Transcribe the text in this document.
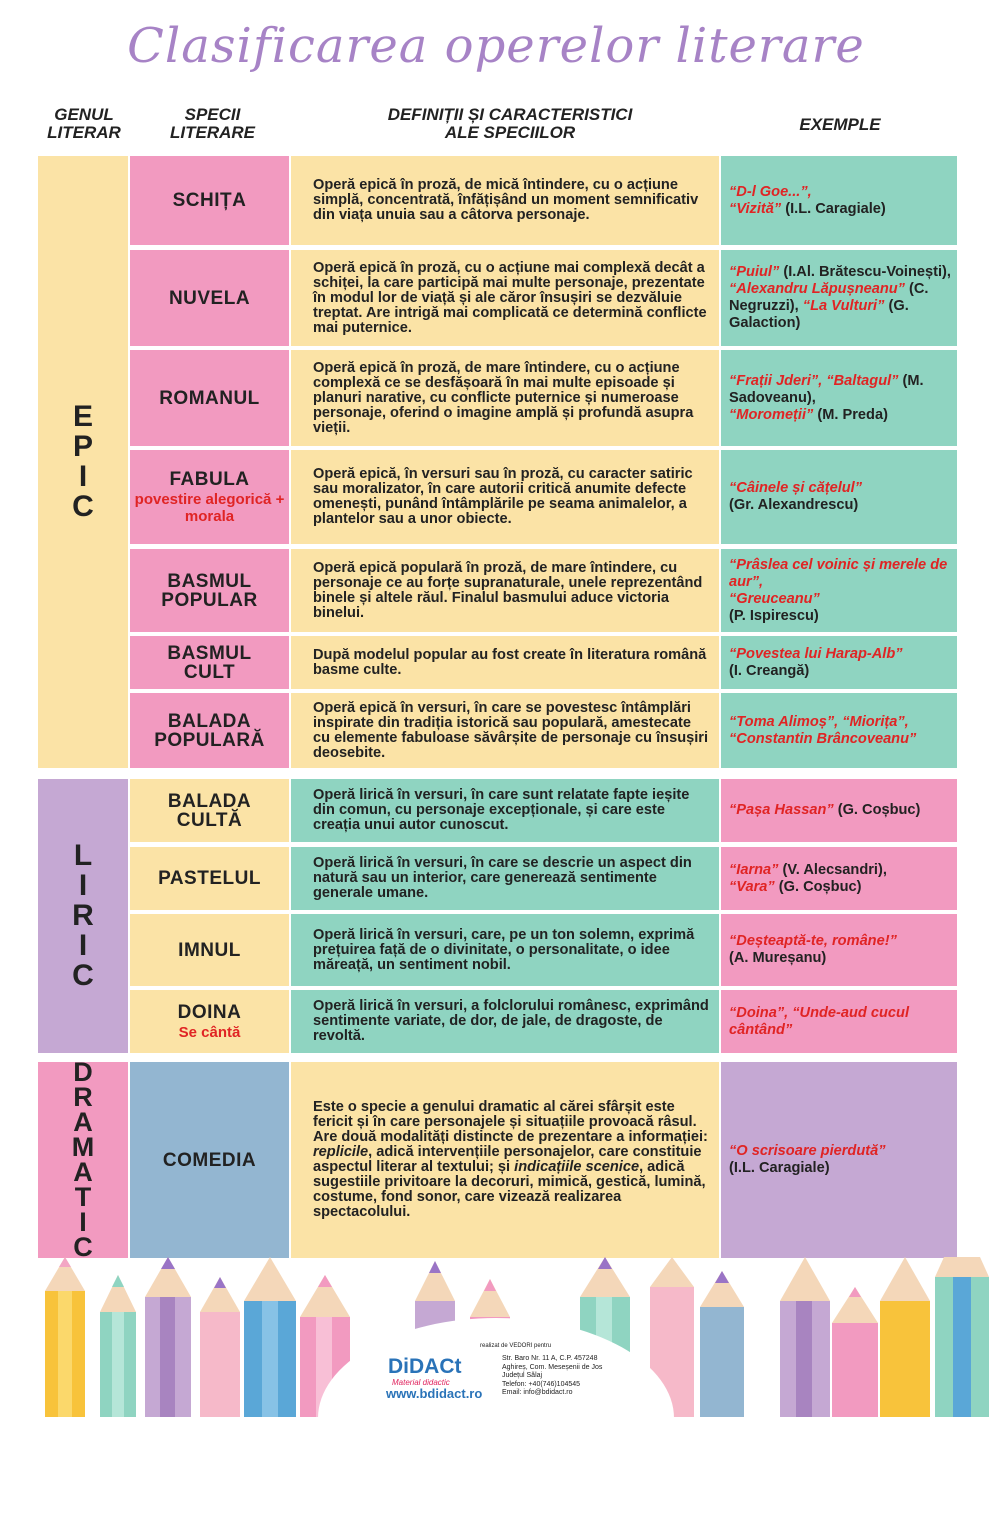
Clasificarea operelor literare
GENUL
LITERAR
SPECII
LITERARE
DEFINIȚII ȘI CARACTERISTICI
ALE SPECIILOR	EXEMPLE
E
P
I
C
L
I
R
I
C
D
R
A
M
A
T
I
C
SCHIȚA
Operă epică în proză, de mică întindere, cu o acțiune simplă, concentrată, înfățișând un moment semnificativ din viața unuia sau a câtorva personaje.
“D-l Goe...”,
“Vizită” (I.L. Caragiale)
NUVELA
Operă epică în proză, cu o acțiune mai complexă decât a schiței, la care participă mai multe personaje, prezentate în modul lor de viață și ale căror însușiri se dezvăluie treptat. Are intrigă mai complicată ce determină conflicte mai puternice.
“Puiul” (I.Al. Brătescu-Voinești), “Alexandru Lăpușneanu” (C. Negruzzi), “La Vulturi” (G. Galaction)
ROMANUL
Operă epică în proză, de mare întindere, cu o acțiune complexă ce se desfășoară în mai multe episoade și planuri narative, cu conflicte puternice și numeroase personaje, oferind o imagine amplă și profundă asupra vieții.
“Frații Jderi”, “Baltagul” (M. Sadoveanu),
“Moromeții” (M. Preda)
FABULA
povestire alegorică + morala
Operă epică, în versuri sau în proză, cu caracter satiric sau moralizator, în care autorii critică anumite defecte omenești, punând întâmplările pe seama animalelor, a plantelor sau a unor obiecte.
“Câinele și cățelul”
(Gr. Alexandrescu)
BASMUL
POPULAR
Operă epică populară în proză, de mare întindere, cu personaje ce au forțe supranaturale, unele reprezentând binele și altele răul. Finalul basmului aduce victoria binelui.
“Prâslea cel voinic și merele de aur”,
“Greuceanu”
(P. Ispirescu)
BASMUL
CULT
După modelul popular au fost create în literatura română basme culte.
“Povestea lui Harap-Alb”
(I. Creangă)
BALADA
POPULARĂ
Operă epică în versuri, în care se povestesc întâmplări inspirate din tradiția istorică sau populară, amestecate cu elemente fabuloase săvârșite de personaje cu însușiri deosebite.
“Toma Alimoș”, “Miorița”, “Constantin Brâncoveanu”
BALADA
CULTĂ
Operă lirică în versuri, în care sunt relatate fapte ieșite din comun, cu personaje excepționale, și care este creația unui autor cunoscut.
“Pașa Hassan” (G. Coșbuc)
PASTELUL
Operă lirică în versuri, în care se descrie un aspect din natură sau un interior, care generează sentimente generale umane.
“Iarna” (V. Alecsandri),
“Vara” (G. Coșbuc)
IMNUL
Operă lirică în versuri, care, pe un ton solemn, exprimă prețuirea față de o divinitate, o personalitate, o idee măreață, un sentiment nobil.
“Deșteaptă-te, române!”
(A. Mureșanu)
DOINA
Se cântă
Operă lirică în versuri, a folclorului românesc, exprimând sentimente variate, de dor, de jale, de dragoste, de revoltă.
“Doina”, “Unde-aud cucul cântând”
COMEDIA
Este o specie a genului dramatic al cărei sfârșit este fericit și în care personajele și situațiile provoacă râsul. Are două modalități distincte de prezentare a informației: replicile, adică intervențiile personajelor, care constituie aspectul literar al textului; și indicațiile scenice, adică sugestiile privitoare la decoruri, mimică, gestică, lumină, costume, fond sonor, care vizează realizarea spectacolului.
“O scrisoare pierdută”
(I.L. Caragiale)
realizat de VEDORI pentru
DiDACt
Material didactic
www.bdidact.ro
Str. Baro Nr. 11 A, C.P. 457248
Aghireș, Com. Meseșenii de Jos
Județul Sălaj
Telefon: +40(746)104545
Email: info@bdidact.ro
